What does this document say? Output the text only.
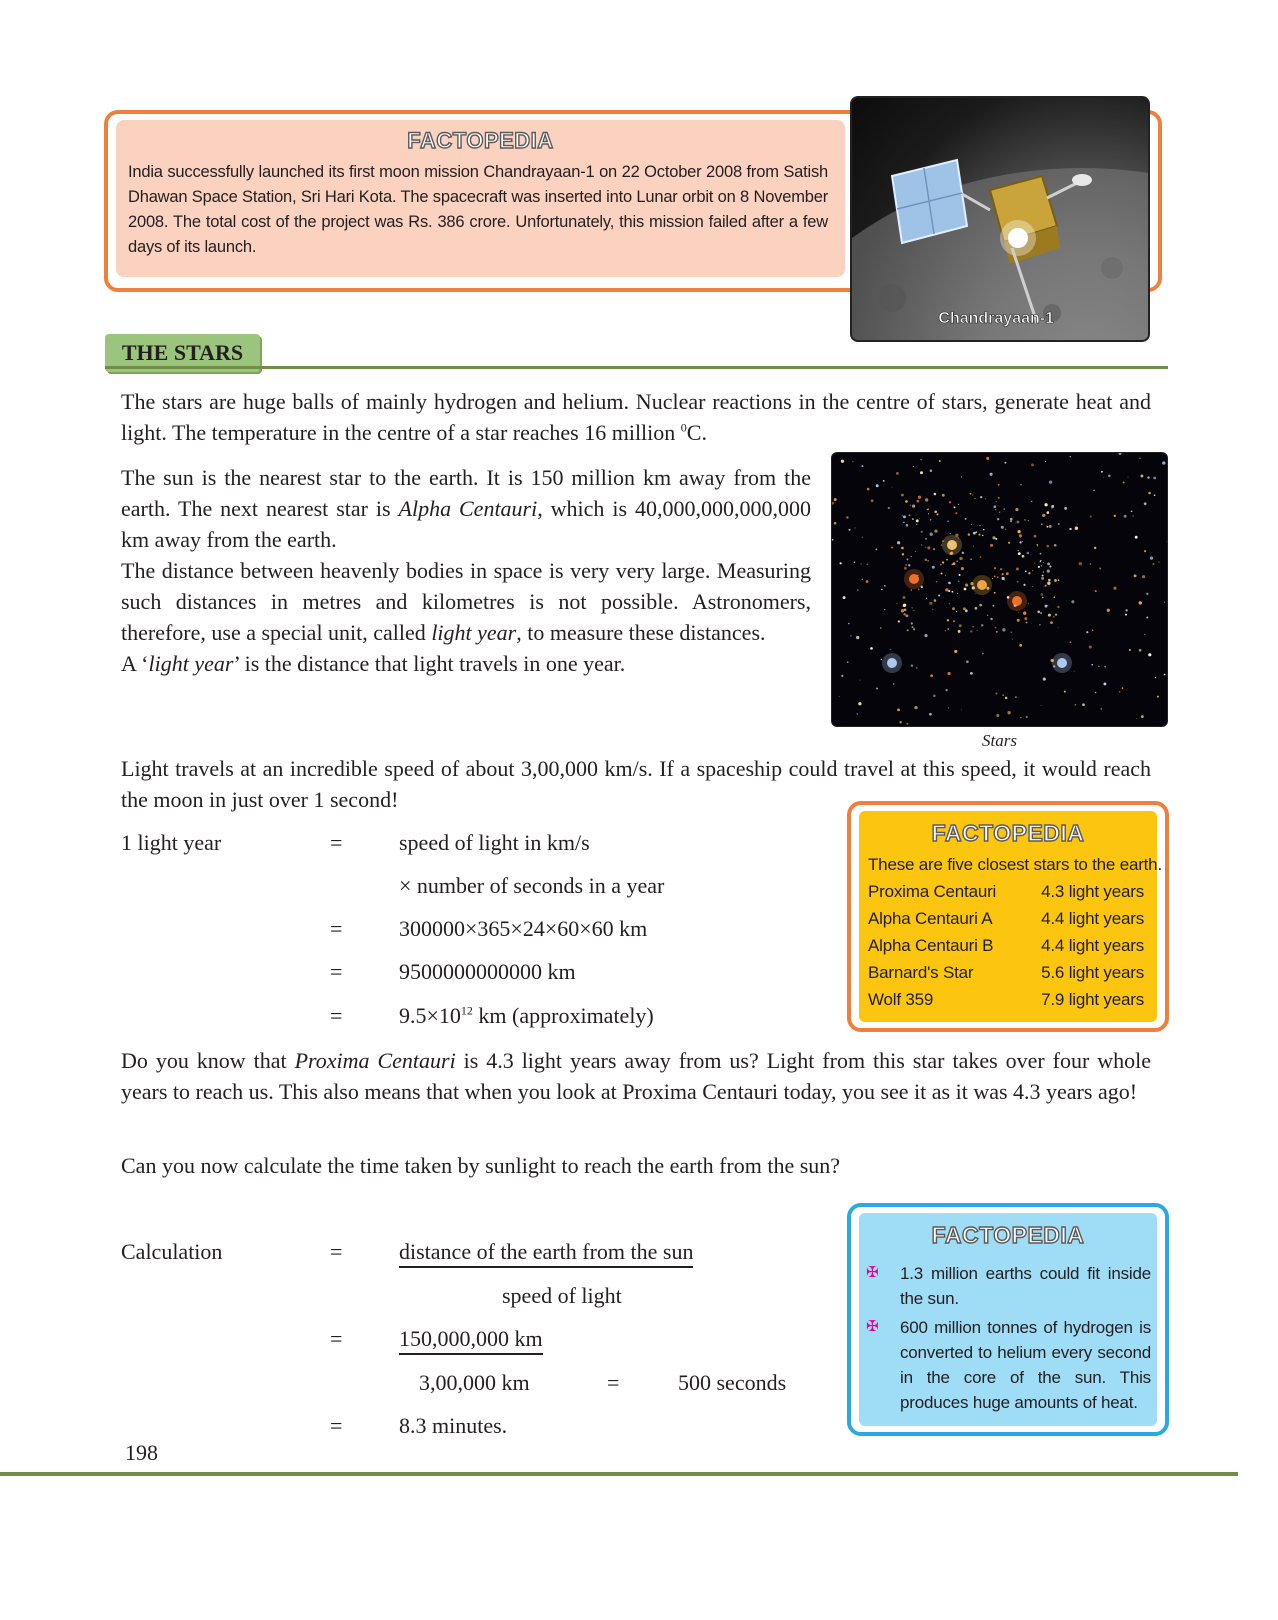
FACTOPEDIA
India successfully launched its first moon mission Chandrayaan-1 on 22 October 2008 from Satish Dhawan Space Station, Sri Hari Kota. The spacecraft was inserted into Lunar orbit on 8 November 2008. The total cost of the project was Rs. 386 crore. Unfortunately, this mission failed after a few days of its launch.
Chandrayaan-1
THE STARS
The stars are huge balls of mainly hydrogen and helium. Nuclear reactions in the centre of stars, generate heat and light. The temperature in the centre of a star reaches 16 million $^0$C.
The sun is the nearest star to the earth. It is 150 million km away from the earth. The next nearest star is Alpha Centauri, which is 40,000,000,000,000 km away from the earth.
The distance between heavenly bodies in space is very very large. Measuring such distances in metres and kilometres is not possible. Astronomers, therefore, use a special unit, called light year, to measure these distances.
A ‘light year’ is the distance that light travels in one year.
Stars
Light travels at an incredible speed of about 3,00,000 km/s. If a spaceship could travel at this speed, it would reach the moon in just over 1 second!
1 light year	=	speed of light in km/s
× number of seconds in a year
=	300000×365×24×60×60 km
=	9500000000000 km
=	$9.5\times 10^{12}$ km (approximately)
FACTOPEDIA
These are five closest stars to the earth.
Proxima Centauri	4.3 light years
Alpha Centauri A	4.4 light years
Alpha Centauri B	4.4 light years
Barnard's Star	5.6 light years
Wolf 359	7.9 light years
Do you know that Proxima Centauri is 4.3 light years away from us? Light from this star takes over four whole years to reach us. This also means that when you look at Proxima Centauri today, you see it as it was 4.3 years ago!
Can you now calculate the time taken by sunlight to reach the earth from the sun?
Calculation	=	distance of the earth from the sun
speed of light
=	150,000,000 km
3,00,000 km	=	500 seconds
=	8.3 minutes.
FACTOPEDIA
✠ 1.3 million earths could fit inside the sun.
✠ 600 million tonnes of hydrogen is converted to helium every second in the core of the sun. This produces huge amounts of heat.
198
